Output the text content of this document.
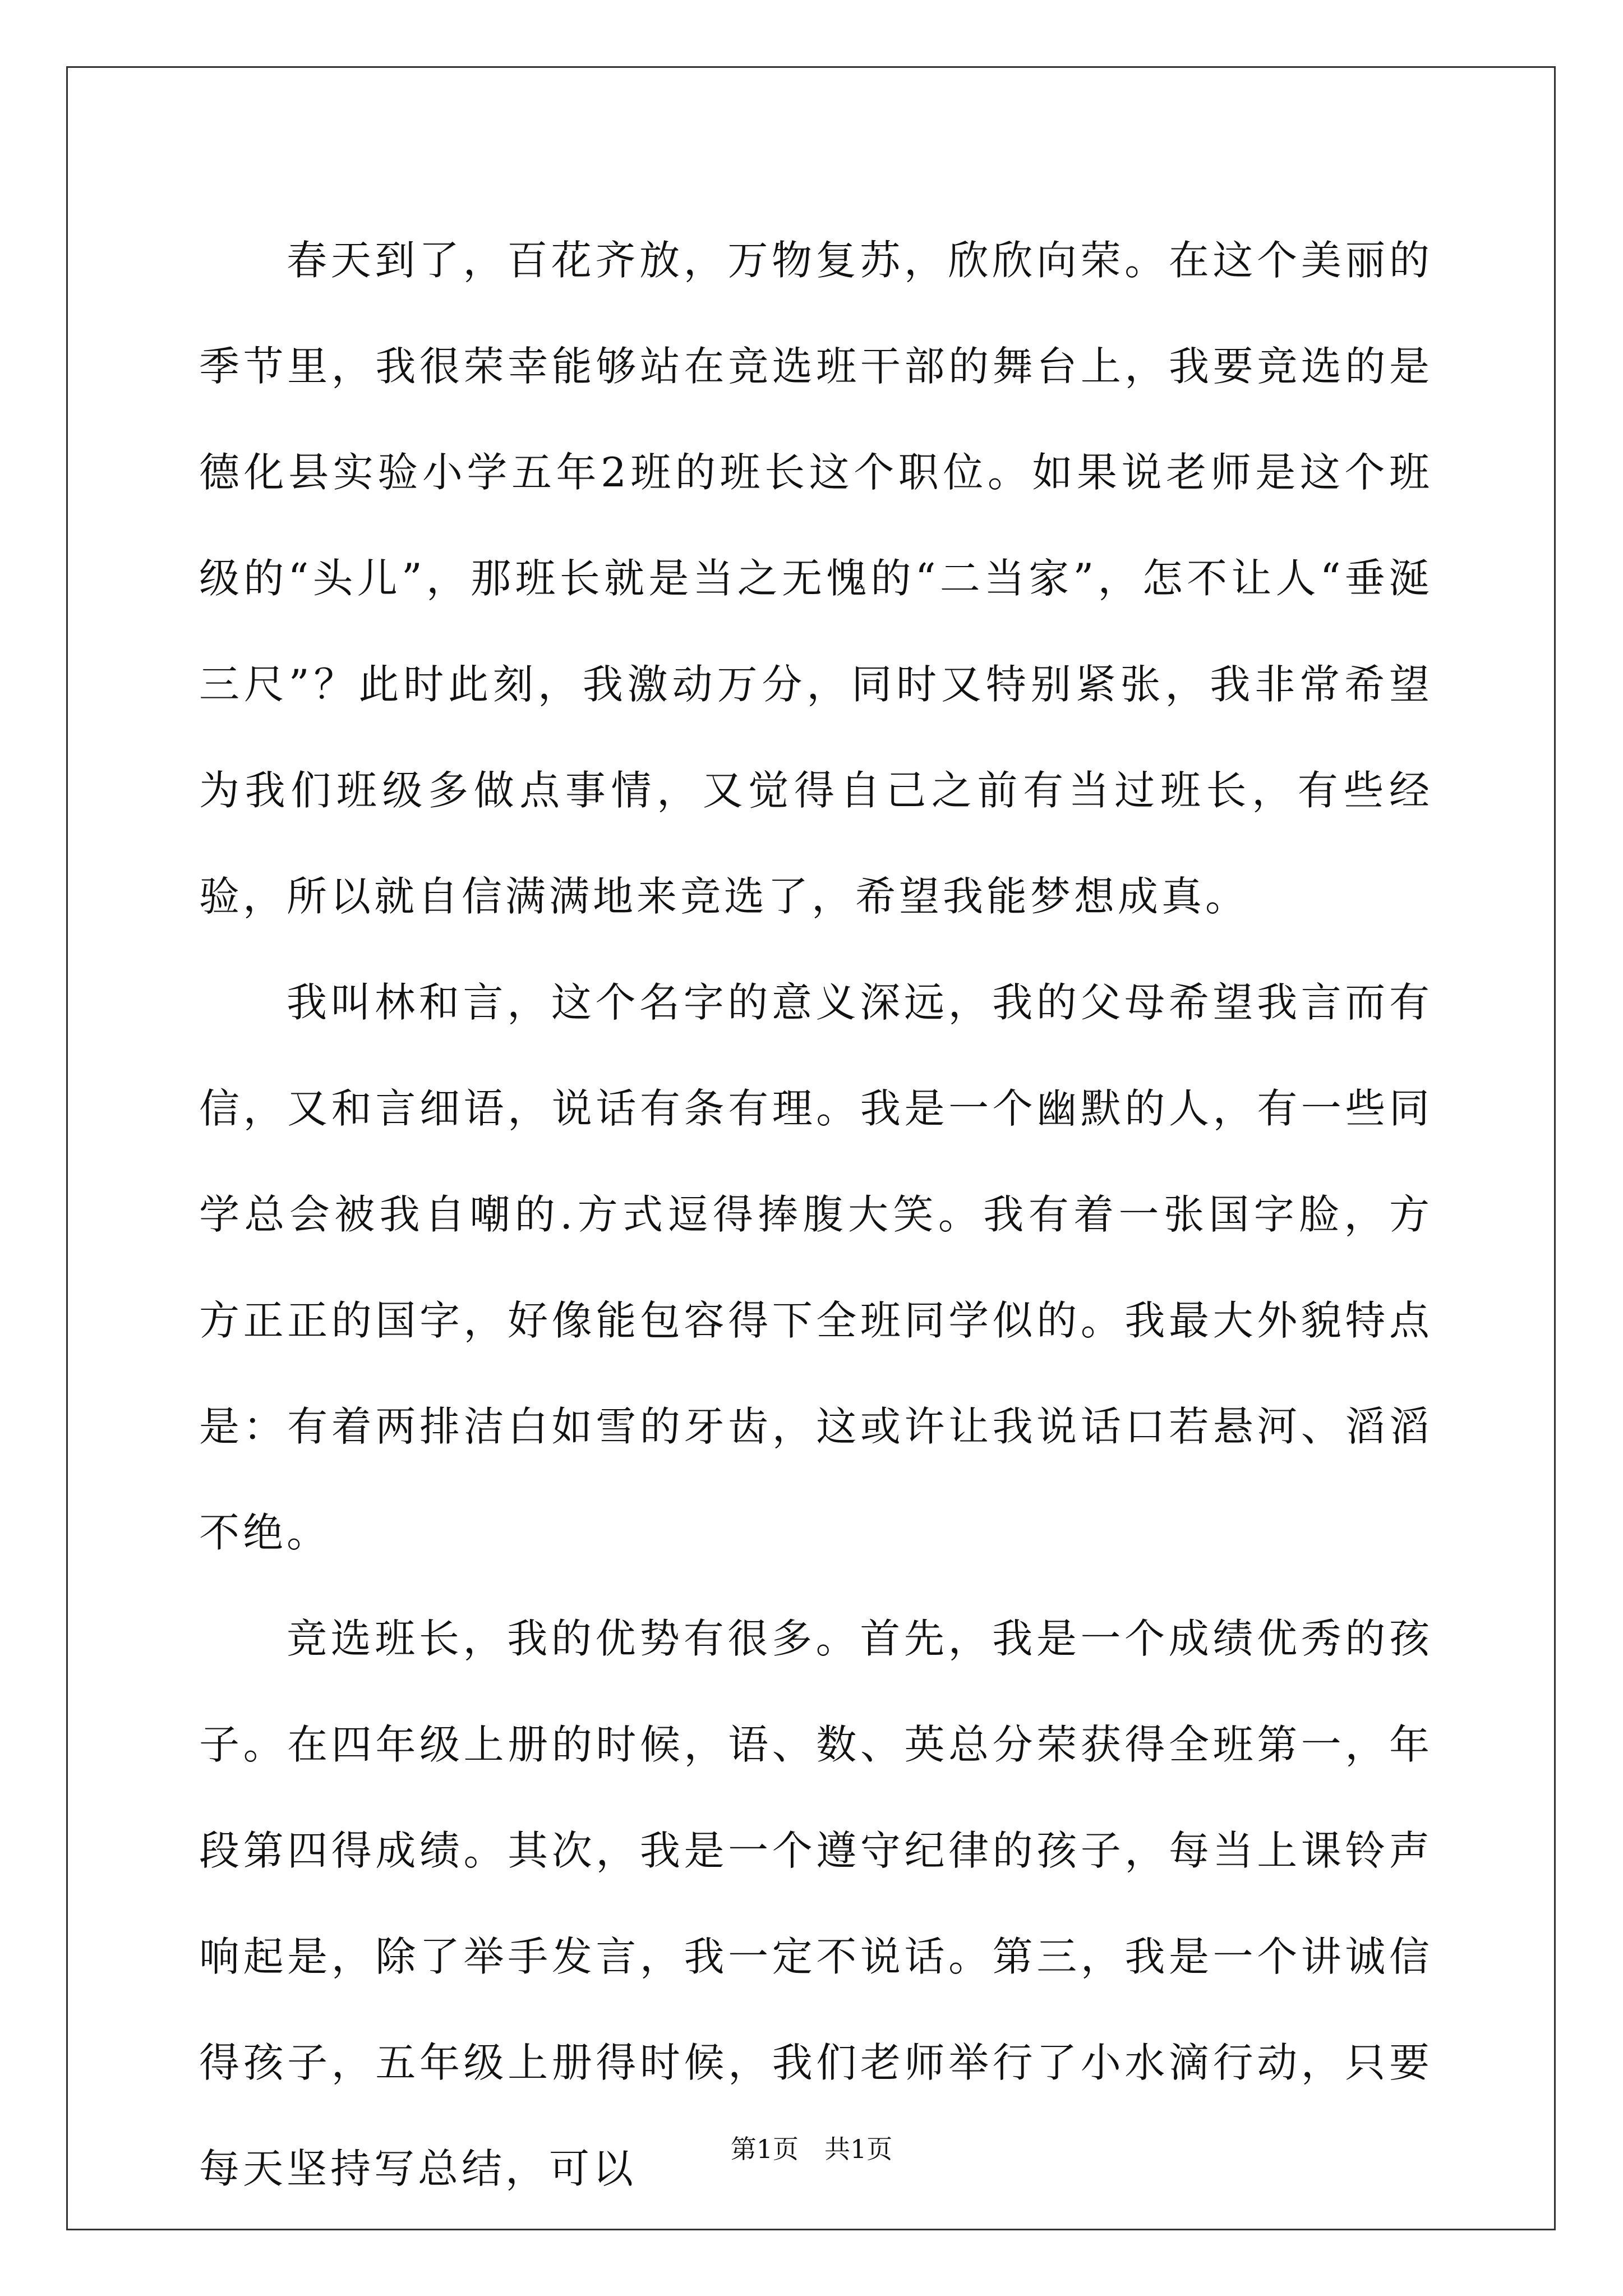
春天到了，百花齐放，万物复苏，欣欣向荣。在这个美丽的季节里，我很荣幸能够站在竞选班干部的舞台上，我要竞选的是德化县实验小学五年2班的班长这个职位。如果说老师是这个班级的“头儿”，那班长就是当之无愧的“二当家”，怎不让人“垂涎三尺”？此时此刻，我激动万分，同时又特别紧张，我非常希望为我们班级多做点事情，又觉得自己之前有当过班长，有些经验，所以就自信满满地来竞选了，希望我能梦想成真。

我叫林和言，这个名字的意义深远，我的父母希望我言而有信，又和言细语，说话有条有理。我是一个幽默的人，有一些同学总会被我自嘲的.方式逗得捧腹大笑。我有着一张国字脸，方方正正的国字，好像能包容得下全班同学似的。我最大外貌特点是：有着两排洁白如雪的牙齿，这或许让我说话口若悬河、滔滔不绝。

竞选班长，我的优势有很多。首先，我是一个成绩优秀的孩子。在四年级上册的时候，语、数、英总分荣获得全班第一，年段第四得成绩。其次，我是一个遵守纪律的孩子，每当上课铃声响起是，除了举手发言，我一定不说话。第三，我是一个讲诚信得孩子，五年级上册得时候，我们老师举行了小水滴行动，只要每天坚持写总结，可以	第1页　共1页
